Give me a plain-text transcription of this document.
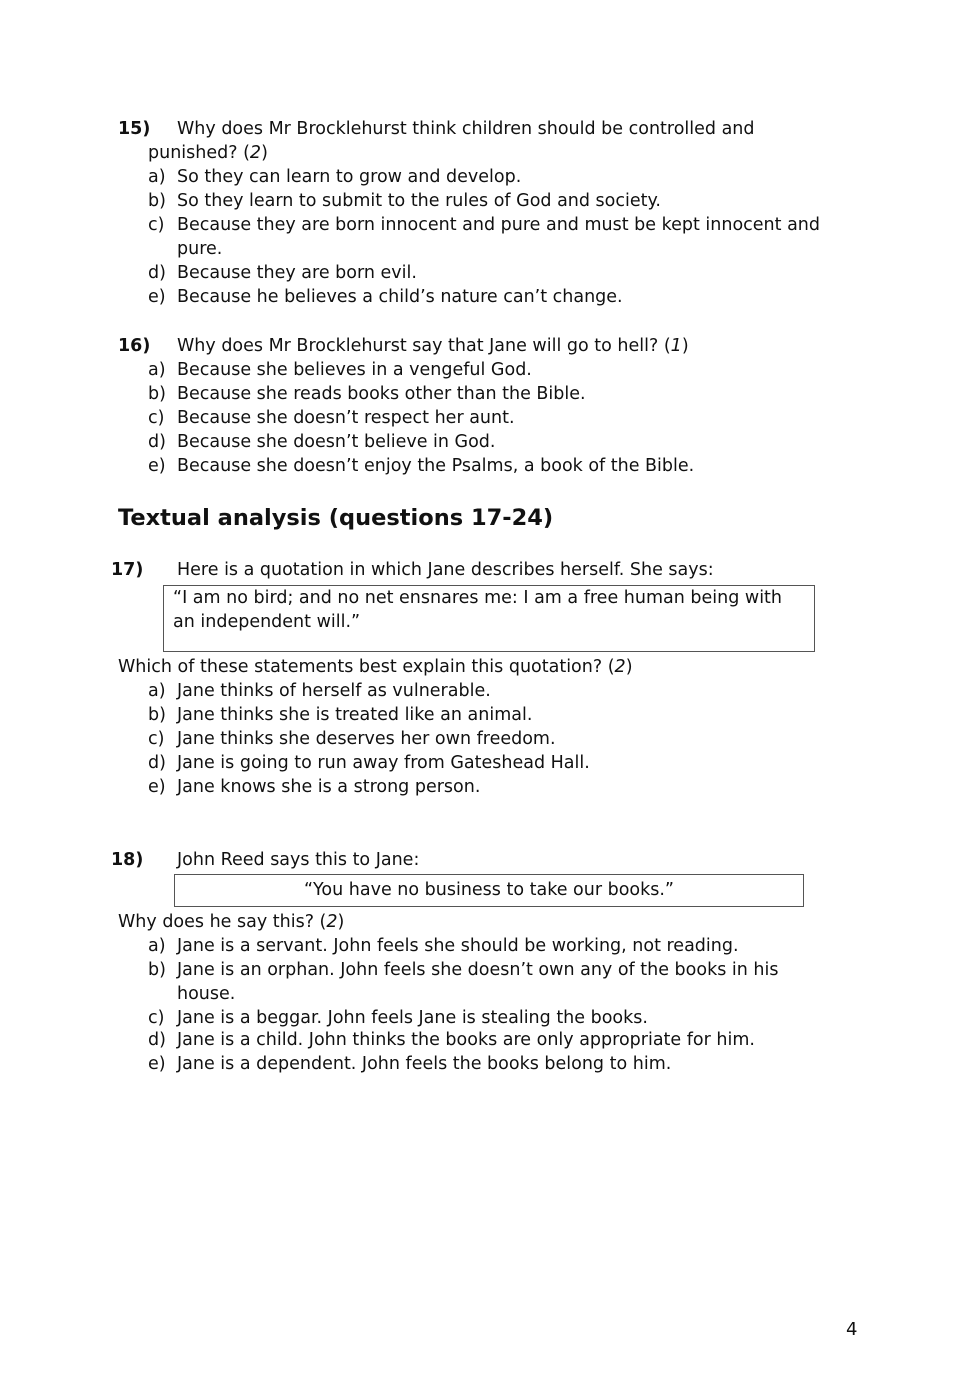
15) Why does Mr Brocklehurst think children should be controlled and
punished? (2)
a) So they can learn to grow and develop.
b) So they learn to submit to the rules of God and society.
c) Because they are born innocent and pure and must be kept innocent and
pure.
d) Because they are born evil.
e) Because he believes a child’s nature can’t change.
16) Why does Mr Brocklehurst say that Jane will go to hell? (1)
a) Because she believes in a vengeful God.
b) Because she reads books other than the Bible.
c) Because she doesn’t respect her aunt.
d) Because she doesn’t believe in God.
e) Because she doesn’t enjoy the Psalms, a book of the Bible.
Textual analysis (questions 17-24)
17) Here is a quotation in which Jane describes herself. She says:
“I am no bird; and no net ensnares me: I am a free human being with
an independent will.”
Which of these statements best explain this quotation? (2)
a) Jane thinks of herself as vulnerable.
b) Jane thinks she is treated like an animal.
c) Jane thinks she deserves her own freedom.
d) Jane is going to run away from Gateshead Hall.
e) Jane knows she is a strong person.
18) John Reed says this to Jane:
“You have no business to take our books.”
Why does he say this? (2)
a) Jane is a servant. John feels she should be working, not reading.
b) Jane is an orphan. John feels she doesn’t own any of the books in his
house.
c) Jane is a beggar. John feels Jane is stealing the books.
d) Jane is a child. John thinks the books are only appropriate for him.
e) Jane is a dependent. John feels the books belong to him.
4
